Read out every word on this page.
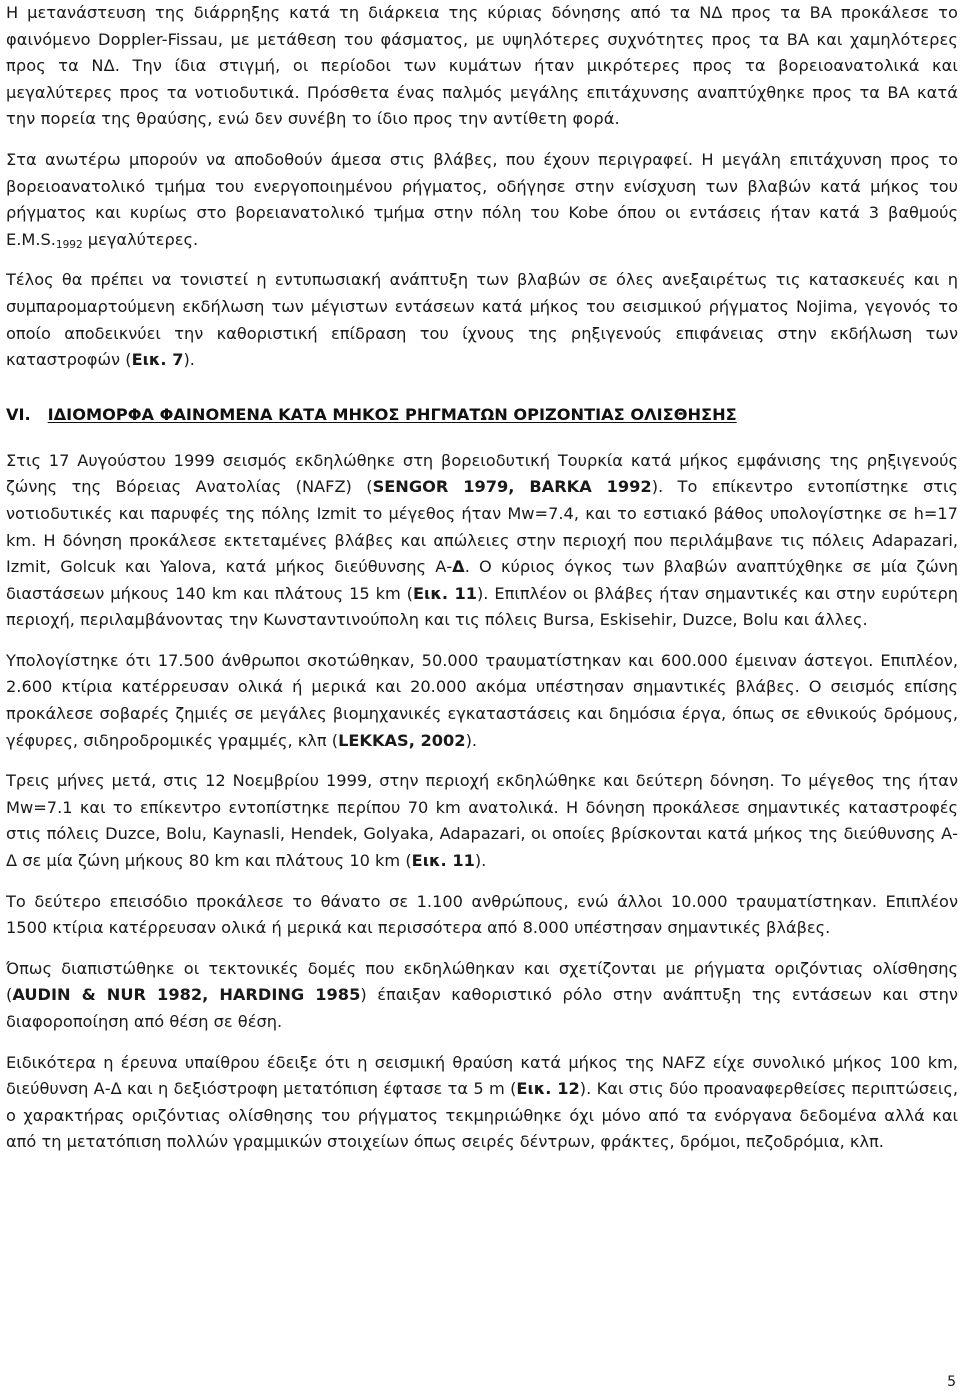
Η μετανάστευση της διάρρηξης κατά τη διάρκεια της κύριας δόνησης από τα ΝΔ προς τα ΒΑ προκάλεσε το φαινόμενο Doppler-Fissau, με μετάθεση του φάσματος, με υψηλότερες συχνότητες προς τα ΒΑ και χαμηλότερες προς τα ΝΔ. Την ίδια στιγμή, οι περίοδοι των κυμάτων ήταν μικρότερες προς τα βορειοανατολικά και μεγαλύτερες προς τα νοτιοδυτικά. Πρόσθετα ένας παλμός μεγάλης επιτάχυνσης αναπτύχθηκε προς τα ΒΑ κατά την πορεία της θραύσης, ενώ δεν συνέβη το ίδιο προς την αντίθετη φορά.

Στα ανωτέρω μπορούν να αποδοθούν άμεσα στις βλάβες, που έχουν περιγραφεί. Η μεγάλη επιτάχυνση προς το βορειοανατολικό τμήμα του ενεργοποιημένου ρήγματος, οδήγησε στην ενίσχυση των βλαβών κατά μήκος του ρήγματος και κυρίως στο βορειανατολικό τμήμα στην πόλη του Kobe όπου οι εντάσεις ήταν κατά 3 βαθμούς $E.M.S._{1992}$ μεγαλύτερες.

Τέλος θα πρέπει να τονιστεί η εντυπωσιακή ανάπτυξη των βλαβών σε όλες ανεξαιρέτως τις κατασκευές και η συμπαρομαρτούμενη εκδήλωση των μέγιστων εντάσεων κατά μήκος του σεισμικού ρήγματος Nojima, γεγονός το οποίο αποδεικνύει την καθοριστική επίδραση του ίχνους της ρηξιγενούς επιφάνειας στην εκδήλωση των καταστροφών (Εικ. 7).

VI. ΙΔΙΟΜΟΡΦΑ ΦΑΙΝΟΜΕΝΑ ΚΑΤΑ ΜΗΚΟΣ ΡΗΓΜΑΤΩΝ ΟΡΙΖΟΝΤΙΑΣ ΟΛΙΣΘΗΣΗΣ

Στις 17 Αυγούστου 1999 σεισμός εκδηλώθηκε στη βορειοδυτική Τουρκία κατά μήκος εμφάνισης της ρηξιγενούς ζώνης της Βόρειας Ανατολίας (NAFZ) (SENGOR 1979, BARKA 1992). Το επίκεντρο εντοπίστηκε στις νοτιοδυτικές και παρυφές της πόλης Izmit το μέγεθος ήταν Mw=7.4, και το εστιακό βάθος υπολογίστηκε σε h=17 km. Η δόνηση προκάλεσε εκτεταμένες βλάβες και απώλειες στην περιοχή που περιλάμβανε τις πόλεις Adapazari, Izmit, Golcuk και Yalova, κατά μήκος διεύθυνσης Α-Δ. Ο κύριος όγκος των βλαβών αναπτύχθηκε σε μία ζώνη διαστάσεων μήκους 140 km και πλάτους 15 km (Εικ. 11). Επιπλέον οι βλάβες ήταν σημαντικές και στην ευρύτερη περιοχή, περιλαμβάνοντας την Κωνσταντινούπολη και τις πόλεις Bursa, Eskisehir, Duzce, Bolu και άλλες.

Υπολογίστηκε ότι 17.500 άνθρωποι σκοτώθηκαν, 50.000 τραυματίστηκαν και 600.000 έμειναν άστεγοι. Επιπλέον, 2.600 κτίρια κατέρρευσαν ολικά ή μερικά και 20.000 ακόμα υπέστησαν σημαντικές βλάβες. Ο σεισμός επίσης προκάλεσε σοβαρές ζημιές σε μεγάλες βιομηχανικές εγκαταστάσεις και δημόσια έργα, όπως σε εθνικούς δρόμους, γέφυρες, σιδηροδρομικές γραμμές, κλπ (LEKKAS, 2002).

Τρεις μήνες μετά, στις 12 Νοεμβρίου 1999, στην περιοχή εκδηλώθηκε και δεύτερη δόνηση. Το μέγεθος της ήταν Mw=7.1 και το επίκεντρο εντοπίστηκε περίπου 70 km ανατολικά. Η δόνηση προκάλεσε σημαντικές καταστροφές στις πόλεις Duzce, Bolu, Kaynasli, Hendek, Golyaka, Adapazari, οι οποίες βρίσκονται κατά μήκος της διεύθυνσης Α-Δ σε μία ζώνη μήκους 80 km και πλάτους 10 km (Εικ. 11).

Το δεύτερο επεισόδιο προκάλεσε το θάνατο σε 1.100 ανθρώπους, ενώ άλλοι 10.000 τραυματίστηκαν. Επιπλέον 1500 κτίρια κατέρρευσαν ολικά ή μερικά και περισσότερα από 8.000 υπέστησαν σημαντικές βλάβες.

Όπως διαπιστώθηκε οι τεκτονικές δομές που εκδηλώθηκαν και σχετίζονται με ρήγματα οριζόντιας ολίσθησης (AUDIN & NUR 1982, HARDING 1985) έπαιξαν καθοριστικό ρόλο στην ανάπτυξη της εντάσεων και στην διαφοροποίηση από θέση σε θέση.

Ειδικότερα η έρευνα υπαίθρου έδειξε ότι η σεισμική θραύση κατά μήκος της NAFZ είχε συνολικό μήκος 100 km, διεύθυνση Α-Δ και η δεξιόστροφη μετατόπιση έφτασε τα 5 m (Εικ. 12). Και στις δύο προαναφερθείσες περιπτώσεις, ο χαρακτήρας οριζόντιας ολίσθησης του ρήγματος τεκμηριώθηκε όχι μόνο από τα ενόργανα δεδομένα αλλά και από τη μετατόπιση πολλών γραμμικών στοιχείων όπως σειρές δέντρων, φράκτες, δρόμοι, πεζοδρόμια, κλπ.

5
